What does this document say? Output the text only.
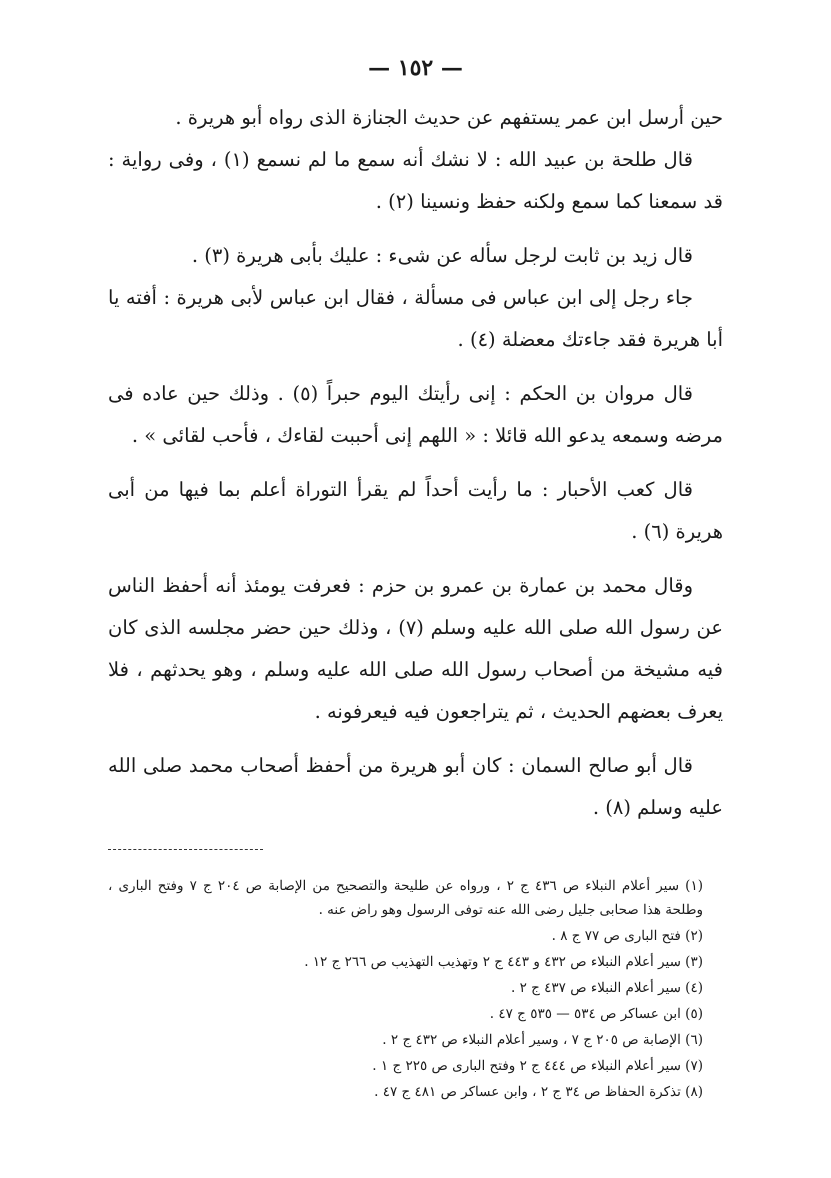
— ١٥٢ —

حين أرسل ابن عمر يستفهم عن حديث الجنازة الذى رواه أبو هريرة .

قال طلحة بن عبيد الله : لا نشك أنه سمع ما لم نسمع (١) ، وفى رواية : قد سمعنا كما سمع ولكنه حفظ ونسينا (٢) .

قال زيد بن ثابت لرجل سأله عن شىء : عليك بأبى هريرة (٣) .

جاء رجل إلى ابن عباس فى مسألة ، فقال ابن عباس لأبى هريرة : أفته يا أبا هريرة فقد جاءتك معضلة (٤) .

قال مروان بن الحكم : إنى رأيتك اليوم حبراً (٥) . وذلك حين عاده فى مرضه وسمعه يدعو الله قائلا : « اللهم إنى أحببت لقاءك ، فأحب لقائى » .

قال كعب الأحبار : ما رأيت أحداً لم يقرأ التوراة أعلم بما فيها من أبى هريرة (٦) .

وقال محمد بن عمارة بن عمرو بن حزم : فعرفت يومئذ أنه أحفظ الناس عن رسول الله صلى الله عليه وسلم (٧) ، وذلك حين حضر مجلسه الذى كان فيه مشيخة من أصحاب رسول الله صلى الله عليه وسلم ، وهو يحدثهم ، فلا يعرف بعضهم الحديث ، ثم يتراجعون فيه فيعرفونه .

قال أبو صالح السمان : كان أبو هريرة من أحفظ أصحاب محمد صلى الله عليه وسلم (٨) .

(١) سير أعلام النبلاء ص ٤٣٦ ج ٢ ، ورواه عن طليحة والتصحيح من الإصابة ص ٢٠٤ ج ٧ وفتح البارى ، وطلحة هذا صحابى جليل رضى الله عنه توفى الرسول وهو راض عنه .

(٢) فتح البارى ص ٧٧ ج ٨ .

(٣) سير أعلام النبلاء ص ٤٣٢ و ٤٤٣ ج ٢ وتهذيب التهذيب ص ٢٦٦ ج ١٢ .

(٤) سير أعلام النبلاء ص ٤٣٧ ج ٢ .

(٥) ابن عساكر ص ٥٣٤ — ٥٣٥ ج ٤٧ .

(٦) الإصابة ص ٢٠٥ ج ٧ ، وسير أعلام النبلاء ص ٤٣٢ ج ٢ .

(٧) سير أعلام النبلاء ص ٤٤٤ ج ٢ وفتح البارى ص ٢٢٥ ج ١ .

(٨) تذكرة الحفاظ ص ٣٤ ج ٢ ، وابن عساكر ص ٤٨١ ج ٤٧ .
